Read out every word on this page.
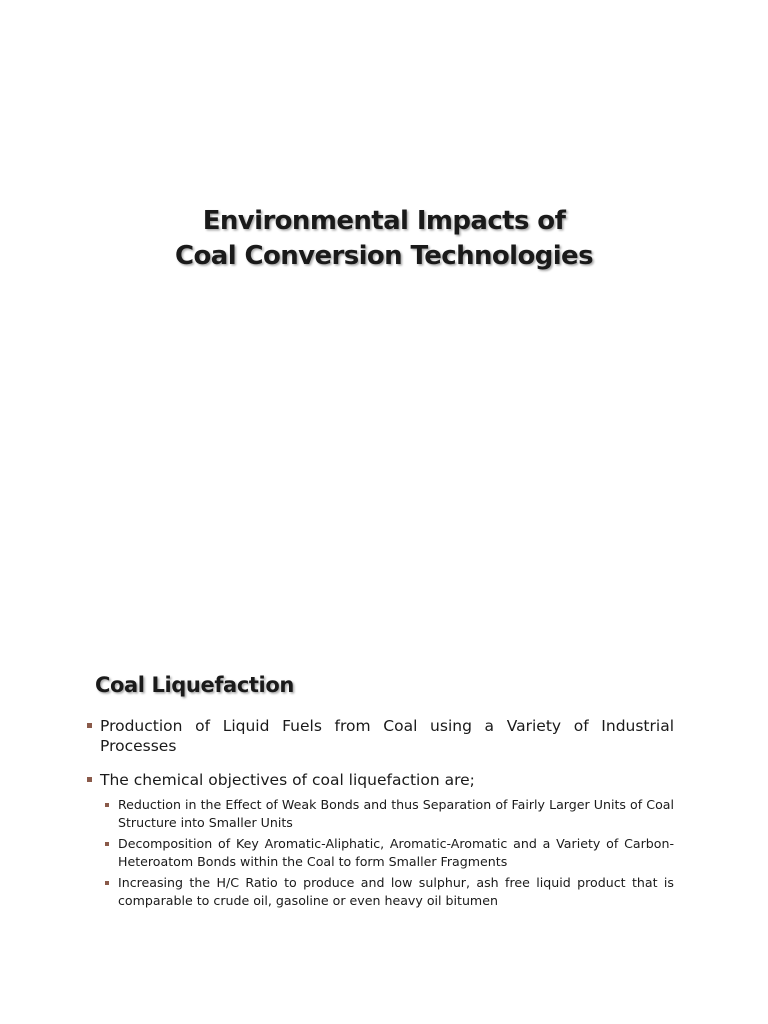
Environmental Impacts of
Coal Conversion Technologies
Coal Liquefaction
Production of Liquid Fuels from Coal using a Variety of Industrial Processes
The chemical objectives of coal liquefaction are;
Reduction in the Effect of Weak Bonds and thus Separation of Fairly Larger Units of Coal Structure into Smaller Units
Decomposition of Key Aromatic-Aliphatic, Aromatic-Aromatic and a Variety of Carbon-Heteroatom Bonds within the Coal to form Smaller Fragments
Increasing the H/C Ratio to produce and low sulphur, ash free liquid product that is comparable to crude oil, gasoline or even heavy oil bitumen
